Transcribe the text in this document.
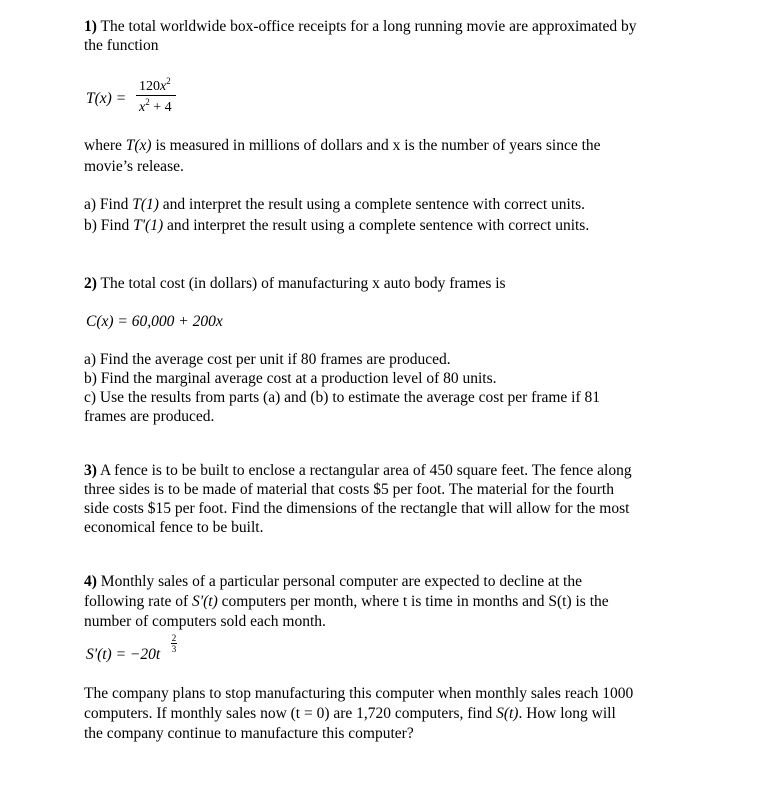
1) The total worldwide box-office receipts for a long running movie are approximated by

the function

T(x) =
$120x^2$
$x^2 + 4$

where T(x) is measured in millions of dollars and x is the number of years since the

movie’s release.

a) Find T(1) and interpret the result using a complete sentence with correct units.

b) Find T'(1) and interpret the result using a complete sentence with correct units.

2) The total cost (in dollars) of manufacturing x auto body frames is

C(x) = 60,000 + 200x

a) Find the average cost per unit if 80 frames are produced.

b) Find the marginal average cost at a production level of 80 units.

c) Use the results from parts (a) and (b) to estimate the average cost per frame if 81

frames are produced.

3) A fence is to be built to enclose a rectangular area of 450 square feet. The fence along

three sides is to be made of material that costs $5 per foot. The material for the fourth

side costs $15 per foot. Find the dimensions of the rectangle that will allow for the most

economical fence to be built.

4) Monthly sales of a particular personal computer are expected to decline at the

following rate of S'(t) computers per month, where t is time in months and S(t) is the

number of computers sold each month.

S'(t) = −20t 
2
3

The company plans to stop manufacturing this computer when monthly sales reach 1000

computers. If monthly sales now (t = 0) are 1,720 computers, find S(t). How long will

the company continue to manufacture this computer?
